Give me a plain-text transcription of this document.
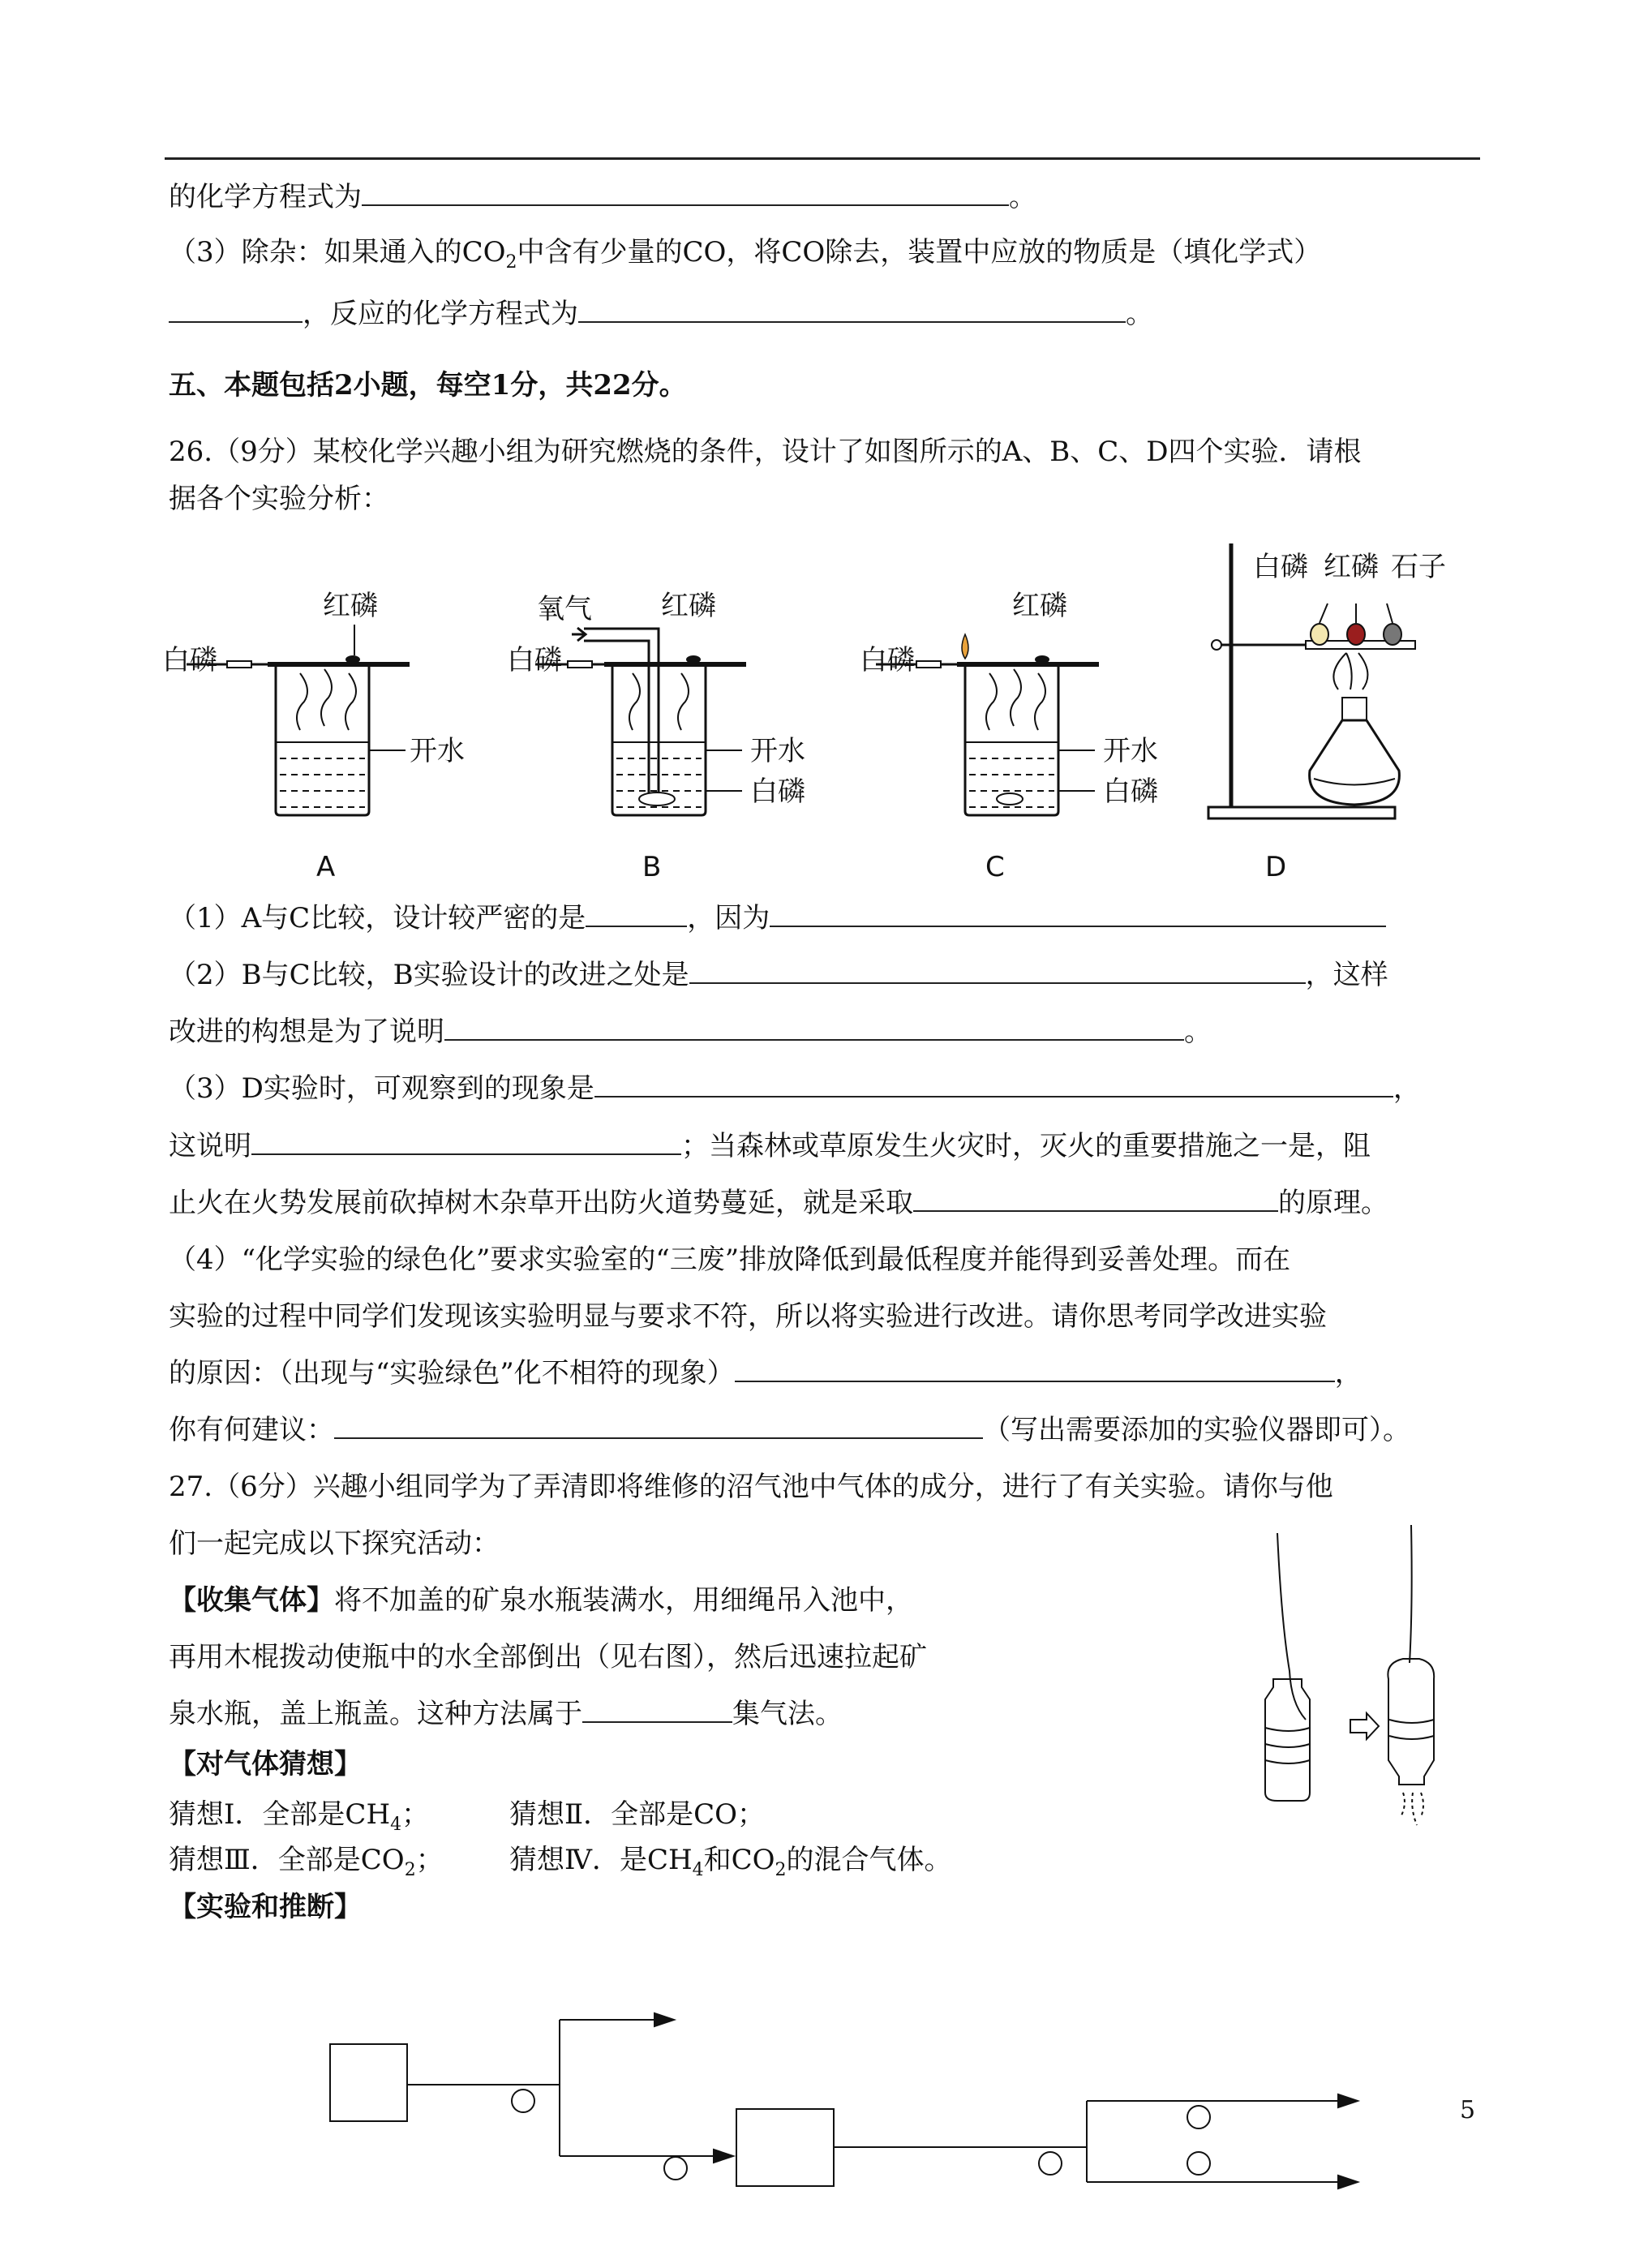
的化学方程式为	。
（3）除杂：如果通入的$CO_2$中含有少量的CO，将CO除去，装置中应放的物质是（填化学式）
，反应的化学方程式为	。
五、本题包括2小题，每空1分，共22分。
26.（9分）某校化学兴趣小组为研究燃烧的条件，设计了如图所示的A、B、C、D四个实验．请根
据各个实验分析：
白磷
红磷
开水
A
白磷
氧气	红磷
开水
白磷
B
白磷
红磷
开水
白磷
C
白磷 红磷 石子
D
（1）A与C比较，设计较严密的是	，因为
（2）B与C比较，B实验设计的改进之处是	，这样
改进的构想是为了说明	。
（3）D实验时，可观察到的现象是	，
这说明	；当森林或草原发生火灾时，灭火的重要措施之一是，阻
止火在火势发展前砍掉树木杂草开出防火道势蔓延，就是采取	的原理。
（4）“化学实验的绿色化”要求实验室的“三废”排放降低到最低程度并能得到妥善处理。而在
实验的过程中同学们发现该实验明显与要求不符，所以将实验进行改进。请你思考同学改进实验
的原因：（出现与“实验绿色”化不相符的现象）	，
你有何建议：	（写出需要添加的实验仪器即可）。
27.（6分）兴趣小组同学为了弄清即将维修的沼气池中气体的成分，进行了有关实验。请你与他
们一起完成以下探究活动：
【收集气体】将不加盖的矿泉水瓶装满水，用细绳吊入池中，
再用木棍拨动使瓶中的水全部倒出（见右图），然后迅速拉起矿
泉水瓶，盖上瓶盖。这种方法属于	集气法。
【对气体猜想】
猜想Ⅰ．全部是$CH_4$；	猜想Ⅱ．全部是CO；
猜想Ⅲ．全部是$CO_2$； 猜想Ⅳ．是$CH_4$和$CO_2$的混合气体。
【实验和推断】
5
